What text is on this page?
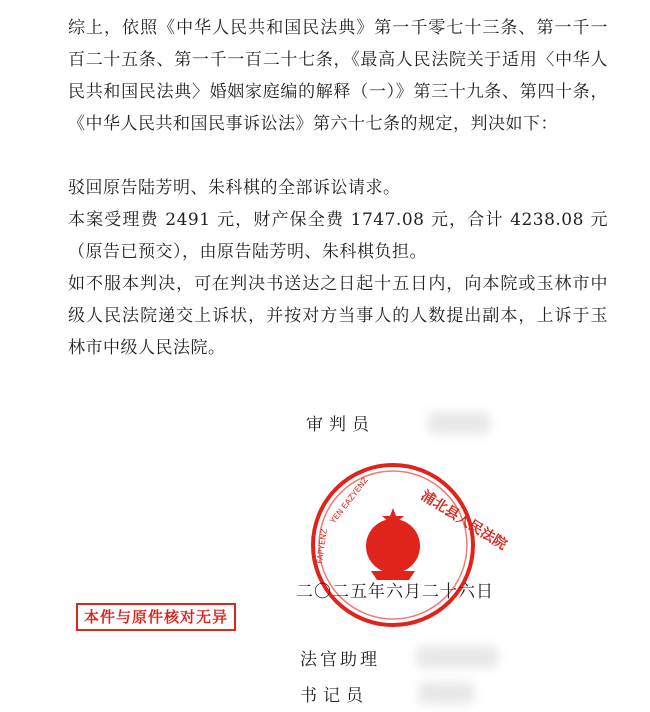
综上，依照《中华人民共和国民法典》第一千零七十三条、第一千一百二十五条、第一千一百二十七条，《最高人民法院关于适用〈中华人民共和国民法典〉婚姻家庭编的解释（一）》第三十九条、第四十条，《中华人民共和国民事诉讼法》第六十七条的规定，判决如下：
驳回原告陆芳明、朱科棋的全部诉讼请求。
本案受理费 2491 元，财产保全费 1747.08 元，合计 4238.08 元（原告已预交），由原告陆芳明、朱科棋负担。
如不服本判决，可在判决书送达之日起十五日内，向本院或玉林市中级人民法院递交上诉状，并按对方当事人的人数提出副本，上诉于玉林市中级人民法院。
审判员
浦北县人民法院
YEN EAZYENZ
FAPYENZ
二〇二五年六月二十六日
本件与原件核对无异
法官助理
书记员
